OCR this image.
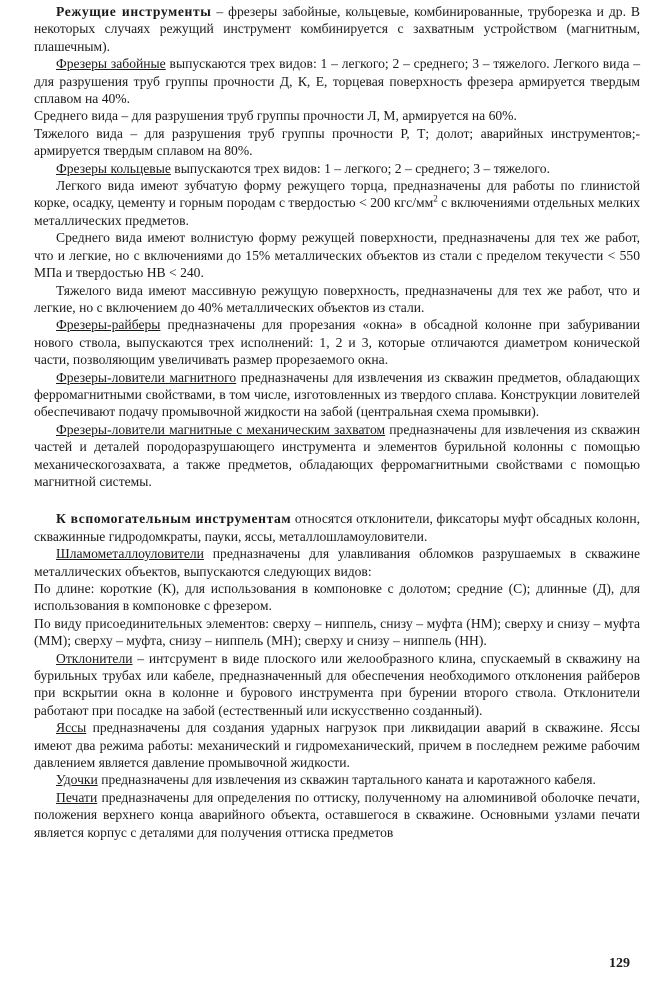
Режущие инструменты – фрезеры забойные, кольцевые, комбинированные, труборезка и др. В некоторых случаях режущий инструмент комбинируется с захватным устройством (магнитным, плашечным).

Фрезеры забойные выпускаются трех видов: 1 – легкого; 2 – среднего; 3 – тяжелого. Легкого вида – для разрушения труб группы прочности Д, К, Е, торцевая поверхность фрезера армируется твердым сплавом на 40%.

Среднего вида – для разрушения труб группы прочности Л, М, армируется на 60%.

Тяжелого вида – для разрушения труб группы прочности Р, Т; долот; аварийных инструментов;- армируется твердым сплавом на 80%.

Фрезеры кольцевые выпускаются трех видов: 1 – легкого; 2 – среднего; 3 – тяжелого.

Легкого вида имеют зубчатую форму режущего торца, предназначены для работы по глинистой корке, осадку, цементу и горным породам с твердостью < 200 кгс/$мм^2$ с включениями отдельных мелких металлических предметов.

Среднего вида имеют волнистую форму режущей поверхности, предназначены для тех же работ, что и легкие, но с включениями до 15% металлических объектов из стали с пределом текучести < 550 МПа и твердостью НВ < 240.

Тяжелого вида имеют массивную режущую поверхность, предназначены для тех же работ, что и легкие, но с включением до 40% металлических объектов из стали.

Фрезеры-райберы предназначены для прорезания «окна» в обсадной колонне при забуривании нового ствола, выпускаются трех исполнений: 1, 2 и 3, которые отличаются диаметром конической части, позволяющим увеличивать размер прорезаемого окна.

Фрезеры-ловители магнитного предназначены для извлечения из скважин предметов, обладающих ферромагнитными свойствами, в том числе, изготовленных из твердого сплава. Конструкции ловителей обеспечивают подачу промывочной жидкости на забой (центральная схема промывки).

Фрезеры-ловители магнитные с механическим захватом предназначены для извлечения из скважин частей и деталей породоразрушающего инструмента и элементов бурильной колонны с помощью механическогозахвата, а также предметов, обладающих ферромагнитными свойствами с помощью магнитной системы.

К вспомогательным инструментам относятся отклонители, фиксаторы муфт обсадных колонн, скважинные гидродомкраты, пауки, яссы, металлошламоуловители.

Шламометаллоуловители предназначены для улавливания обломков разрушаемых в скважине металлических объектов, выпускаются следующих видов:

По длине: короткие (К), для использования в компоновке с долотом; средние (С); длинные (Д), для использования в компоновке с фрезером.

По виду присоединительных элементов: сверху – ниппель, снизу – муфта (НМ); сверху и снизу – муфта (ММ); сверху – муфта, снизу – ниппель (МН); сверху и снизу – ниппель (НН).

Отклонители – интсрумент в виде плоского или желообразного клина, спускаемый в скважину на бурильных трубах или кабеле, предназначенный для обеспечения необходимого отклонения райберов при вскрытии окна в колонне и бурового инструмента при бурении второго ствола. Отклонители работают при посадке на забой (естественный или искусственно созданный).

Яссы предназначены для создания ударных нагрузок при ликвидации аварий в скважине. Яссы имеют два режима работы: механический и гидромеханический, причем в последнем режиме рабочим давлением является давление промывочной жидкости.

Удочки предназначены для извлечения из скважин тартального каната и каротажного кабеля.

Печати предназначены для определения по оттиску, полученному на алюминивой оболочке печати, положения верхнего конца аварийного объекта, оставшегося в скважине. Основными узлами печати является корпус с деталями для получения оттиска предметов

129
